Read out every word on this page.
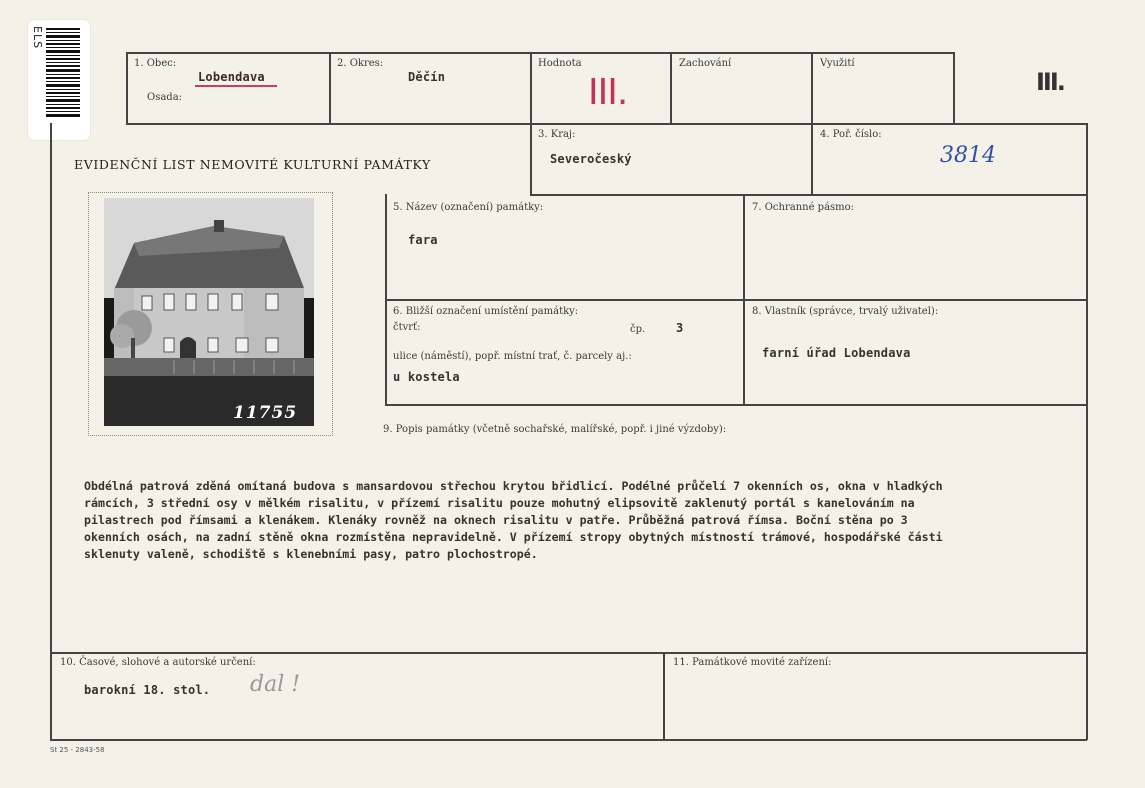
ELS
1. Obec:
Lobendava
Osada:
2. Okres:
Děčín
Hodnota
III.
Zachování	Využití
III.
EVIDENČNÍ LIST NEMOVITÉ KULTURNÍ PAMÁTKY
3. Kraj:
Severočeský
4. Poř. číslo:
3814
11755
5. Název (označení) památky:
fara
7. Ochranné pásmo:
6. Bližší označení umístění památky:
čtvrť:	čp.	3
ulice (náměstí), popř. místní trať, č. parcely aj.:
u kostela
8. Vlastník (správce, trvalý uživatel):
farní úřad Lobendava
9. Popis památky (včetně sochařské, malířské, popř. i jiné výzdoby):
Obdélná patrová zděná omítaná budova s mansardovou střechou krytou břidlicí. Podélné průčelí 7 okenních os, okna v hladkých
rámcích, 3 střední osy v mělkém risalitu, v přízemí risalitu pouze mohutný elipsovitě zaklenutý portál s kanelováním na
pilastrech pod římsami a klenákem. Klenáky rovněž na oknech risalitu v patře. Průběžná patrová římsa. Boční stěna po 3
okenních osách, na zadní stěně okna rozmístěna nepravidelně. V přízemí stropy obytných místností trámové, hospodářské části
sklenuty valeně, schodiště s klenebními pasy, patro plochostropé.
10. Časové, slohové a autorské určení:
barokní 18. stol. dal !
11. Památkové movité zařízení:
St 25 - 2843-58
